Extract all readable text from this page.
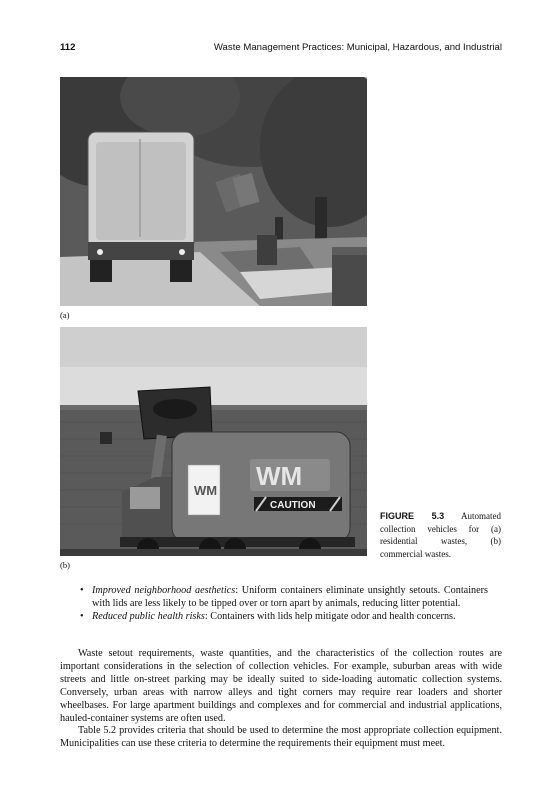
112	Waste Management Practices: Municipal, Hazardous, and Industrial
(a)
WM WM
CAUTION
(b)
FIGURE 5.3 Automated collection vehicles for (a) residential wastes, (b) commercial wastes.
• Improved neighborhood aesthetics: Uniform containers eliminate unsightly setouts. Containers with lids are less likely to be tipped over or torn apart by animals, reducing litter potential.
• Reduced public health risks: Containers with lids help mitigate odor and health concerns.

Waste setout requirements, waste quantities, and the characteristics of the collection routes are important considerations in the selection of collection vehicles. For example, suburban areas with wide streets and little on-street parking may be ideally suited to side-loading automatic collection systems. Conversely, urban areas with narrow alleys and tight corners may require rear loaders and shorter wheelbases. For large apartment buildings and complexes and for commercial and industrial applications, hauled-container systems are often used.

Table 5.2 provides criteria that should be used to determine the most appropriate collection equipment. Municipalities can use these criteria to determine the requirements their equipment must meet.
